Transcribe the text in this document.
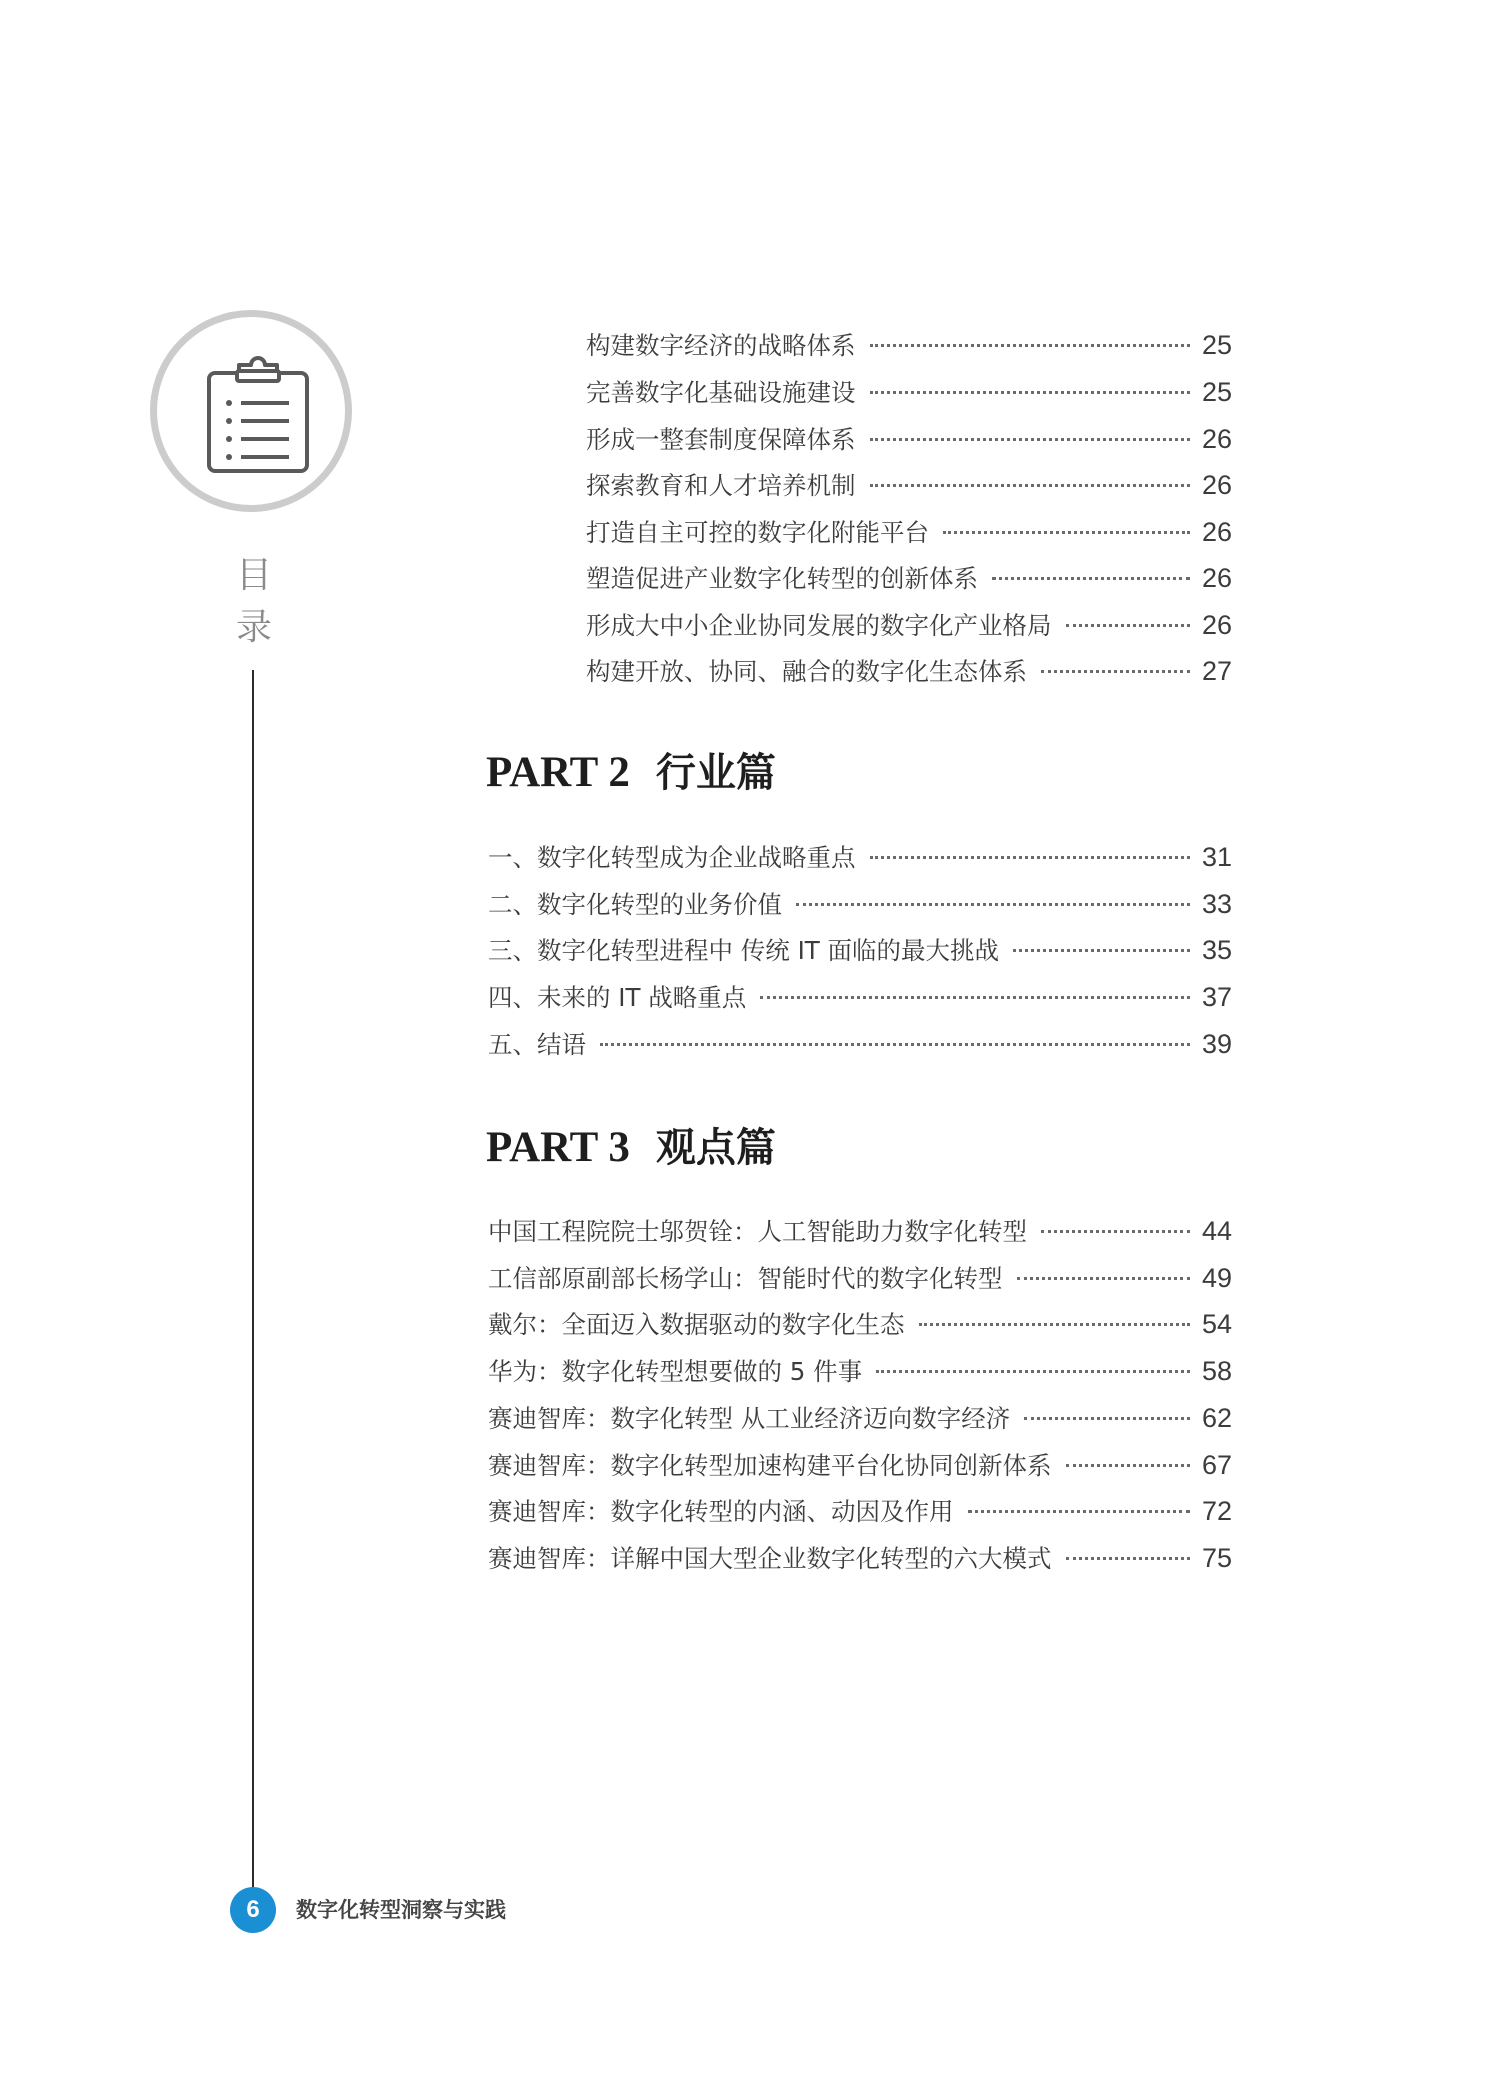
目
录
构建数字经济的战略体系	25
完善数字化基础设施建设	25
形成一整套制度保障体系	26
探索教育和人才培养机制	26
打造自主可控的数字化附能平台	26
塑造促进产业数字化转型的创新体系	26
形成大中小企业协同发展的数字化产业格局	26
构建开放、协同、融合的数字化生态体系	27
PART 2 行业篇
一、数字化转型成为企业战略重点	31
二、数字化转型的业务价值	33
三、数字化转型进程中 传统 IT 面临的最大挑战	35
四、未来的 IT 战略重点	37
五、结语	39
PART 3 观点篇
中国工程院院士邬贺铨：人工智能助力数字化转型	44
工信部原副部长杨学山：智能时代的数字化转型	49
戴尔：全面迈入数据驱动的数字化生态	54
华为：数字化转型想要做的 5 件事	58
赛迪智库：数字化转型 从工业经济迈向数字经济	62
赛迪智库：数字化转型加速构建平台化协同创新体系	67
赛迪智库：数字化转型的内涵、动因及作用	72
赛迪智库：详解中国大型企业数字化转型的六大模式	75
6	数字化转型洞察与实践
